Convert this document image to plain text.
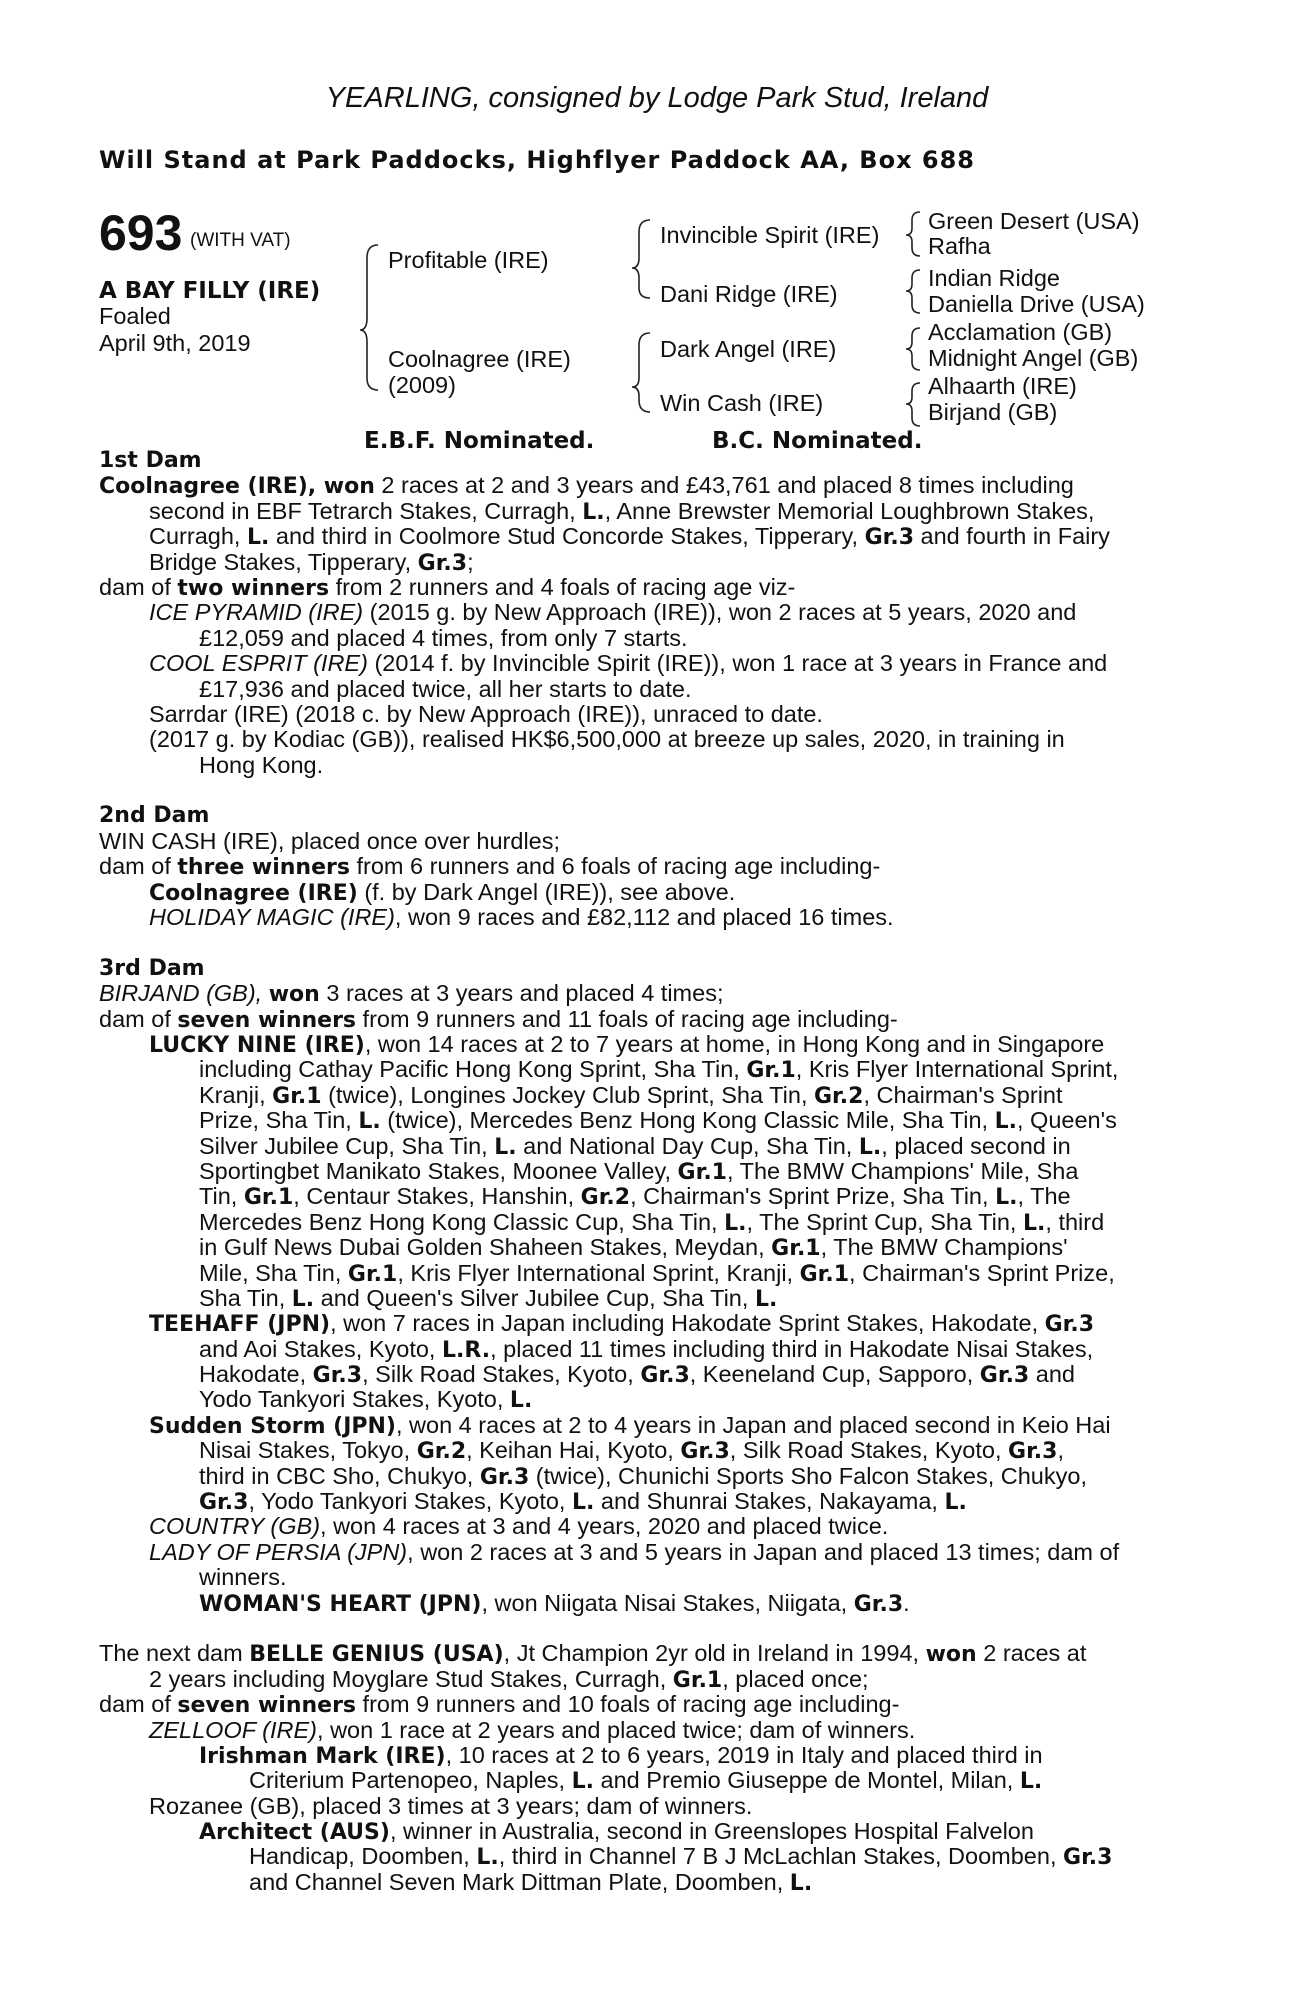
YEARLING, consigned by Lodge Park Stud, Ireland
Will Stand at Park Paddocks, Highflyer Paddock AA, Box 688
693 (WITH VAT)
A BAY FILLY (IRE)
Foaled
April 9th, 2019
Profitable (IRE)
Coolnagree (IRE)
(2009)
Invincible Spirit (IRE)
Dani Ridge (IRE)
Dark Angel (IRE)
Win Cash (IRE)
Green Desert (USA)
Rafha
Indian Ridge
Daniella Drive (USA)
Acclamation (GB)
Midnight Angel (GB)
Alhaarth (IRE)
Birjand (GB)
E.B.F. Nominated.	B.C. Nominated.
1st Dam
Coolnagree (IRE), won 2 races at 2 and 3 years and £43,761 and placed 8 times including
second in EBF Tetrarch Stakes, Curragh, L., Anne Brewster Memorial Loughbrown Stakes,
Curragh, L. and third in Coolmore Stud Concorde Stakes, Tipperary, Gr.3 and fourth in Fairy
Bridge Stakes, Tipperary, Gr.3;
dam of two winners from 2 runners and 4 foals of racing age viz-
ICE PYRAMID (IRE) (2015 g. by New Approach (IRE)), won 2 races at 5 years, 2020 and
£12,059 and placed 4 times, from only 7 starts.
COOL ESPRIT (IRE) (2014 f. by Invincible Spirit (IRE)), won 1 race at 3 years in France and
£17,936 and placed twice, all her starts to date.
Sarrdar (IRE) (2018 c. by New Approach (IRE)), unraced to date.
(2017 g. by Kodiac (GB)), realised HK$6,500,000 at breeze up sales, 2020, in training in
Hong Kong.
2nd Dam
WIN CASH (IRE), placed once over hurdles;
dam of three winners from 6 runners and 6 foals of racing age including-
Coolnagree (IRE) (f. by Dark Angel (IRE)), see above.
HOLIDAY MAGIC (IRE), won 9 races and £82,112 and placed 16 times.
3rd Dam
BIRJAND (GB), won 3 races at 3 years and placed 4 times;
dam of seven winners from 9 runners and 11 foals of racing age including-
LUCKY NINE (IRE), won 14 races at 2 to 7 years at home, in Hong Kong and in Singapore
including Cathay Pacific Hong Kong Sprint, Sha Tin, Gr.1, Kris Flyer International Sprint,
Kranji, Gr.1 (twice), Longines Jockey Club Sprint, Sha Tin, Gr.2, Chairman's Sprint
Prize, Sha Tin, L. (twice), Mercedes Benz Hong Kong Classic Mile, Sha Tin, L., Queen's
Silver Jubilee Cup, Sha Tin, L. and National Day Cup, Sha Tin, L., placed second in
Sportingbet Manikato Stakes, Moonee Valley, Gr.1, The BMW Champions' Mile, Sha
Tin, Gr.1, Centaur Stakes, Hanshin, Gr.2, Chairman's Sprint Prize, Sha Tin, L., The
Mercedes Benz Hong Kong Classic Cup, Sha Tin, L., The Sprint Cup, Sha Tin, L., third
in Gulf News Dubai Golden Shaheen Stakes, Meydan, Gr.1, The BMW Champions'
Mile, Sha Tin, Gr.1, Kris Flyer International Sprint, Kranji, Gr.1, Chairman's Sprint Prize,
Sha Tin, L. and Queen's Silver Jubilee Cup, Sha Tin, L.
TEEHAFF (JPN), won 7 races in Japan including Hakodate Sprint Stakes, Hakodate, Gr.3
and Aoi Stakes, Kyoto, L.R., placed 11 times including third in Hakodate Nisai Stakes,
Hakodate, Gr.3, Silk Road Stakes, Kyoto, Gr.3, Keeneland Cup, Sapporo, Gr.3 and
Yodo Tankyori Stakes, Kyoto, L.
Sudden Storm (JPN), won 4 races at 2 to 4 years in Japan and placed second in Keio Hai
Nisai Stakes, Tokyo, Gr.2, Keihan Hai, Kyoto, Gr.3, Silk Road Stakes, Kyoto, Gr.3,
third in CBC Sho, Chukyo, Gr.3 (twice), Chunichi Sports Sho Falcon Stakes, Chukyo,
Gr.3, Yodo Tankyori Stakes, Kyoto, L. and Shunrai Stakes, Nakayama, L.
COUNTRY (GB), won 4 races at 3 and 4 years, 2020 and placed twice.
LADY OF PERSIA (JPN), won 2 races at 3 and 5 years in Japan and placed 13 times; dam of
winners.
WOMAN'S HEART (JPN), won Niigata Nisai Stakes, Niigata, Gr.3.
The next dam BELLE GENIUS (USA), Jt Champion 2yr old in Ireland in 1994, won 2 races at
2 years including Moyglare Stud Stakes, Curragh, Gr.1, placed once;
dam of seven winners from 9 runners and 10 foals of racing age including-
ZELLOOF (IRE), won 1 race at 2 years and placed twice; dam of winners.
Irishman Mark (IRE), 10 races at 2 to 6 years, 2019 in Italy and placed third in
Criterium Partenopeo, Naples, L. and Premio Giuseppe de Montel, Milan, L.
Rozanee (GB), placed 3 times at 3 years; dam of winners.
Architect (AUS), winner in Australia, second in Greenslopes Hospital Falvelon
Handicap, Doomben, L., third in Channel 7 B J McLachlan Stakes, Doomben, Gr.3
and Channel Seven Mark Dittman Plate, Doomben, L.
